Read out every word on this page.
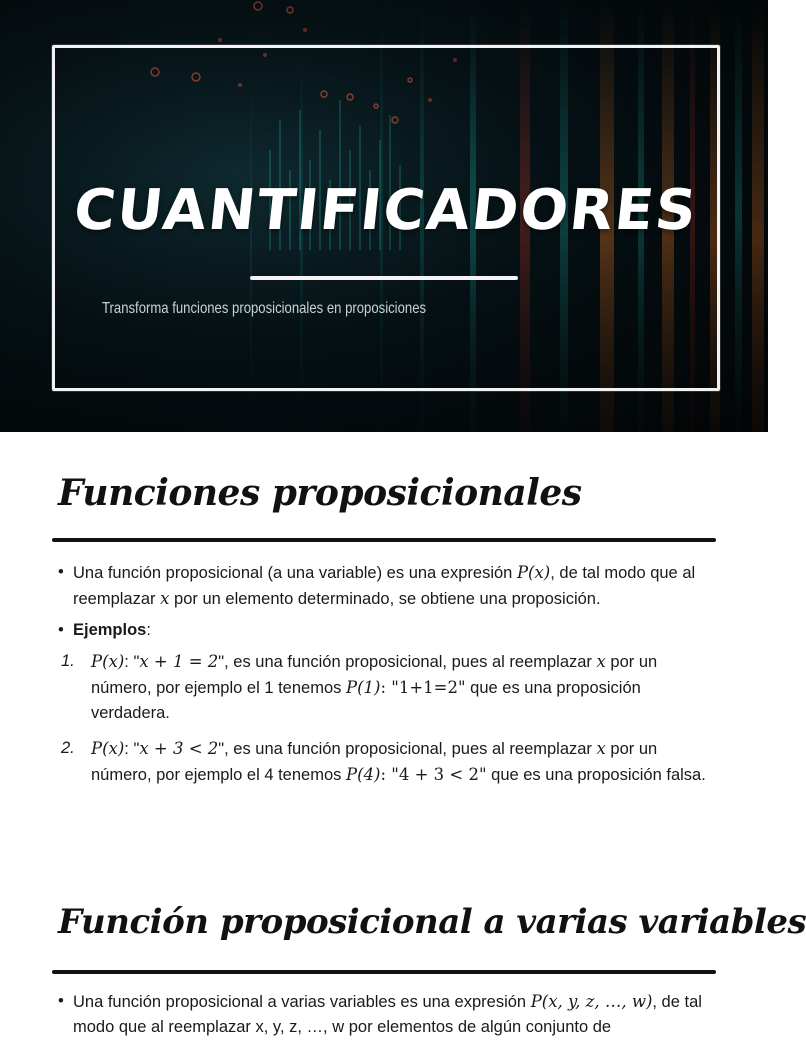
CUANTIFICADORES
Transforma funciones proposicionales en proposiciones
Funciones proposicionales

• Una función proposicional (a una variable) es una expresión P(x), de tal modo que al reemplazar x por un elemento determinado, se obtiene una proposición.

• Ejemplos:

1. P(x): "x + 1 = 2", es una función proposicional, pues al reemplazar x por un número, por ejemplo el 1 tenemos P(1): "1+1=2" que es una proposición verdadera.

2. P(x): "x + 3 < 2", es una función proposicional, pues al reemplazar x por un número, por ejemplo el 4 tenemos P(4): "4 + 3 < 2" que es una proposición falsa.

Función proposicional a varias variables

• Una función proposicional a varias variables es una expresión P(x, y, z, …, w), de tal modo que al reemplazar x, y, z, …, w por elementos de algún conjunto de
